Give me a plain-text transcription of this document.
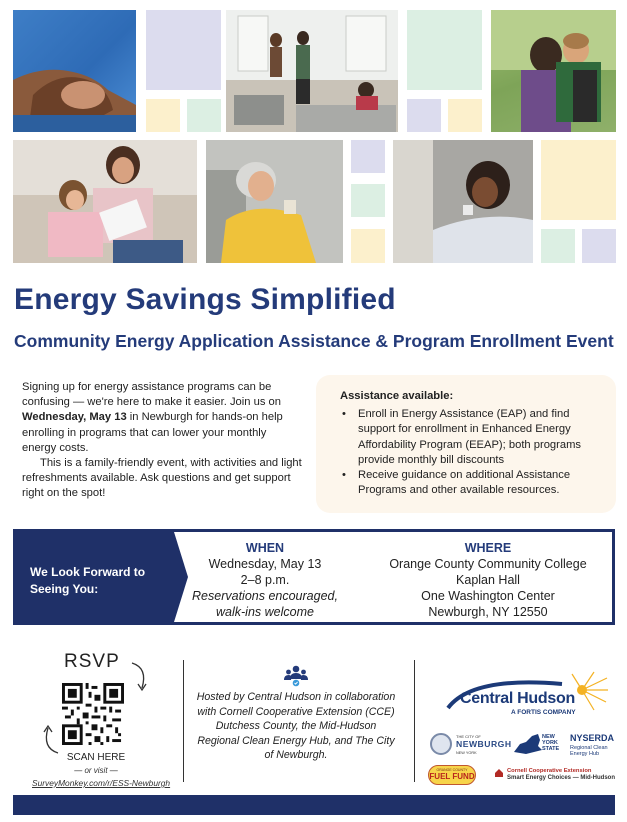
Energy Savings Simplified
Community Energy Application Assistance & Program Enrollment Event

Signing up for energy assistance programs can be confusing — we're here to make it easier. Join us on Wednesday, May 13 in Newburgh for hands-on help enrolling in programs that can lower your monthly energy costs.

This is a family-friendly event, with activities and light refreshments available. Ask questions and get support right on the spot!

Assistance available:
• Enroll in Energy Assistance (EAP) and find support for enrollment in Enhanced Energy Affordability Program (EEAP); both programs provide monthly bill discounts
• Receive guidance on additional Assistance Programs and other available resources.
We Look Forward to Seeing You:
WHEN
Wednesday, May 13
2–8 p.m.
Reservations encouraged, walk-ins welcome
WHERE
Orange County Community College
Kaplan Hall
One Washington Center
Newburgh, NY 12550
RSVP
SCAN HERE
— or visit —
SurveyMonkey.com/r/ESS-Newburgh
Hosted by Central Hudson in collaboration with Cornell Cooperative Extension (CCE) Dutchess County, the Mid-Hudson Regional Clean Energy Hub, and The City of Newburgh.
Central Hudson
A FORTIS COMPANY
THE CITY OF
NEWBURGH
NEW YORK
NEW
YORK
STATE
NYSERDA
Regional Clean
Energy Hub
ORANGE COUNTY
FUEL FUND
Cornell Cooperative Extension
Smart Energy Choices — Mid-Hudson
